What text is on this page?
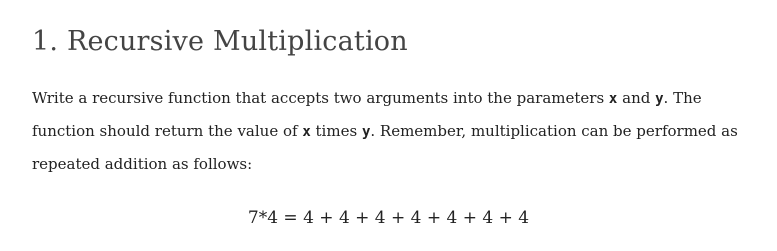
1. Recursive Multiplication

Write a recursive function that accepts two arguments into the parameters x and y. The function should return the value of x times y. Remember, multiplication can be performed as repeated addition as follows:

7*4 = 4 + 4 + 4 + 4 + 4 + 4 + 4
